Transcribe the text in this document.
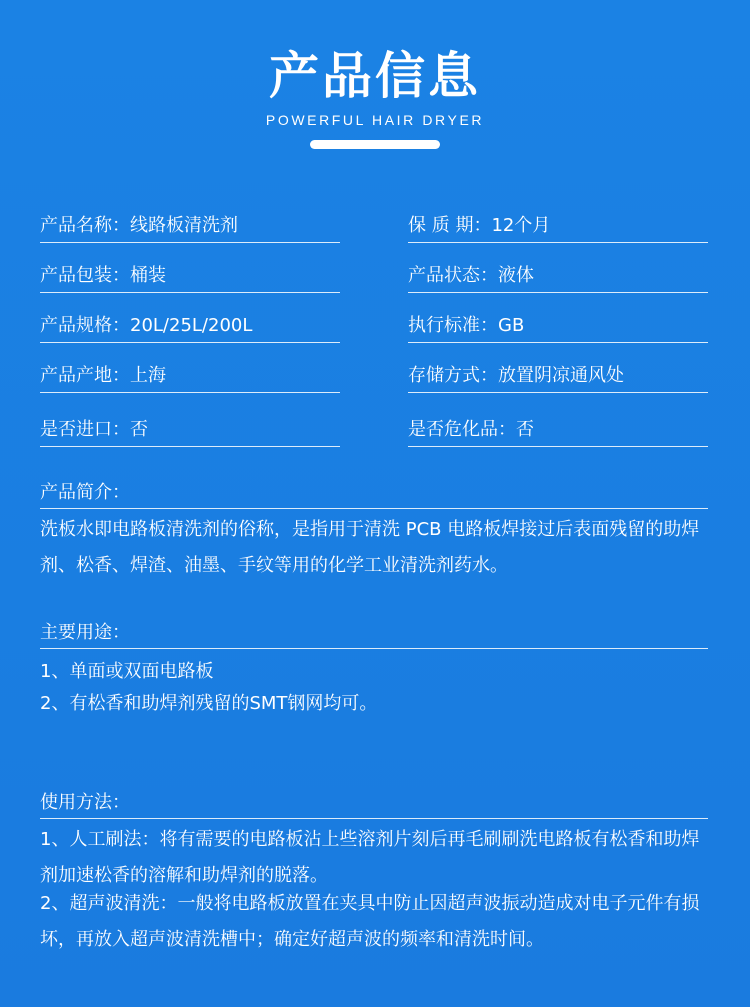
产品信息
POWERFUL HAIR DRYER
产品名称：线路板清洗剂	保 质 期：12个月
产品包装：桶装	产品状态：液体
产品规格：20L/25L/200L	执行标准：GB
产品产地：上海	存储方式：放置阴凉通风处
是否进口：否	是否危化品：否
产品简介：
洗板水即电路板清洗剂的俗称，是指用于清洗 PCB 电路板焊接过后表面残留的助焊剂、松香、焊渣、油墨、手纹等用的化学工业清洗剂药水。
主要用途：
1、单面或双面电路板
2、有松香和助焊剂残留的SMT钢网均可。
使用方法：
1、人工刷法：将有需要的电路板沾上些溶剂片刻后再毛刷刷洗电路板有松香和助焊剂加速松香的溶解和助焊剂的脱落。
2、超声波清洗：一般将电路板放置在夹具中防止因超声波振动造成对电子元件有损坏，再放入超声波清洗槽中；确定好超声波的频率和清洗时间。
